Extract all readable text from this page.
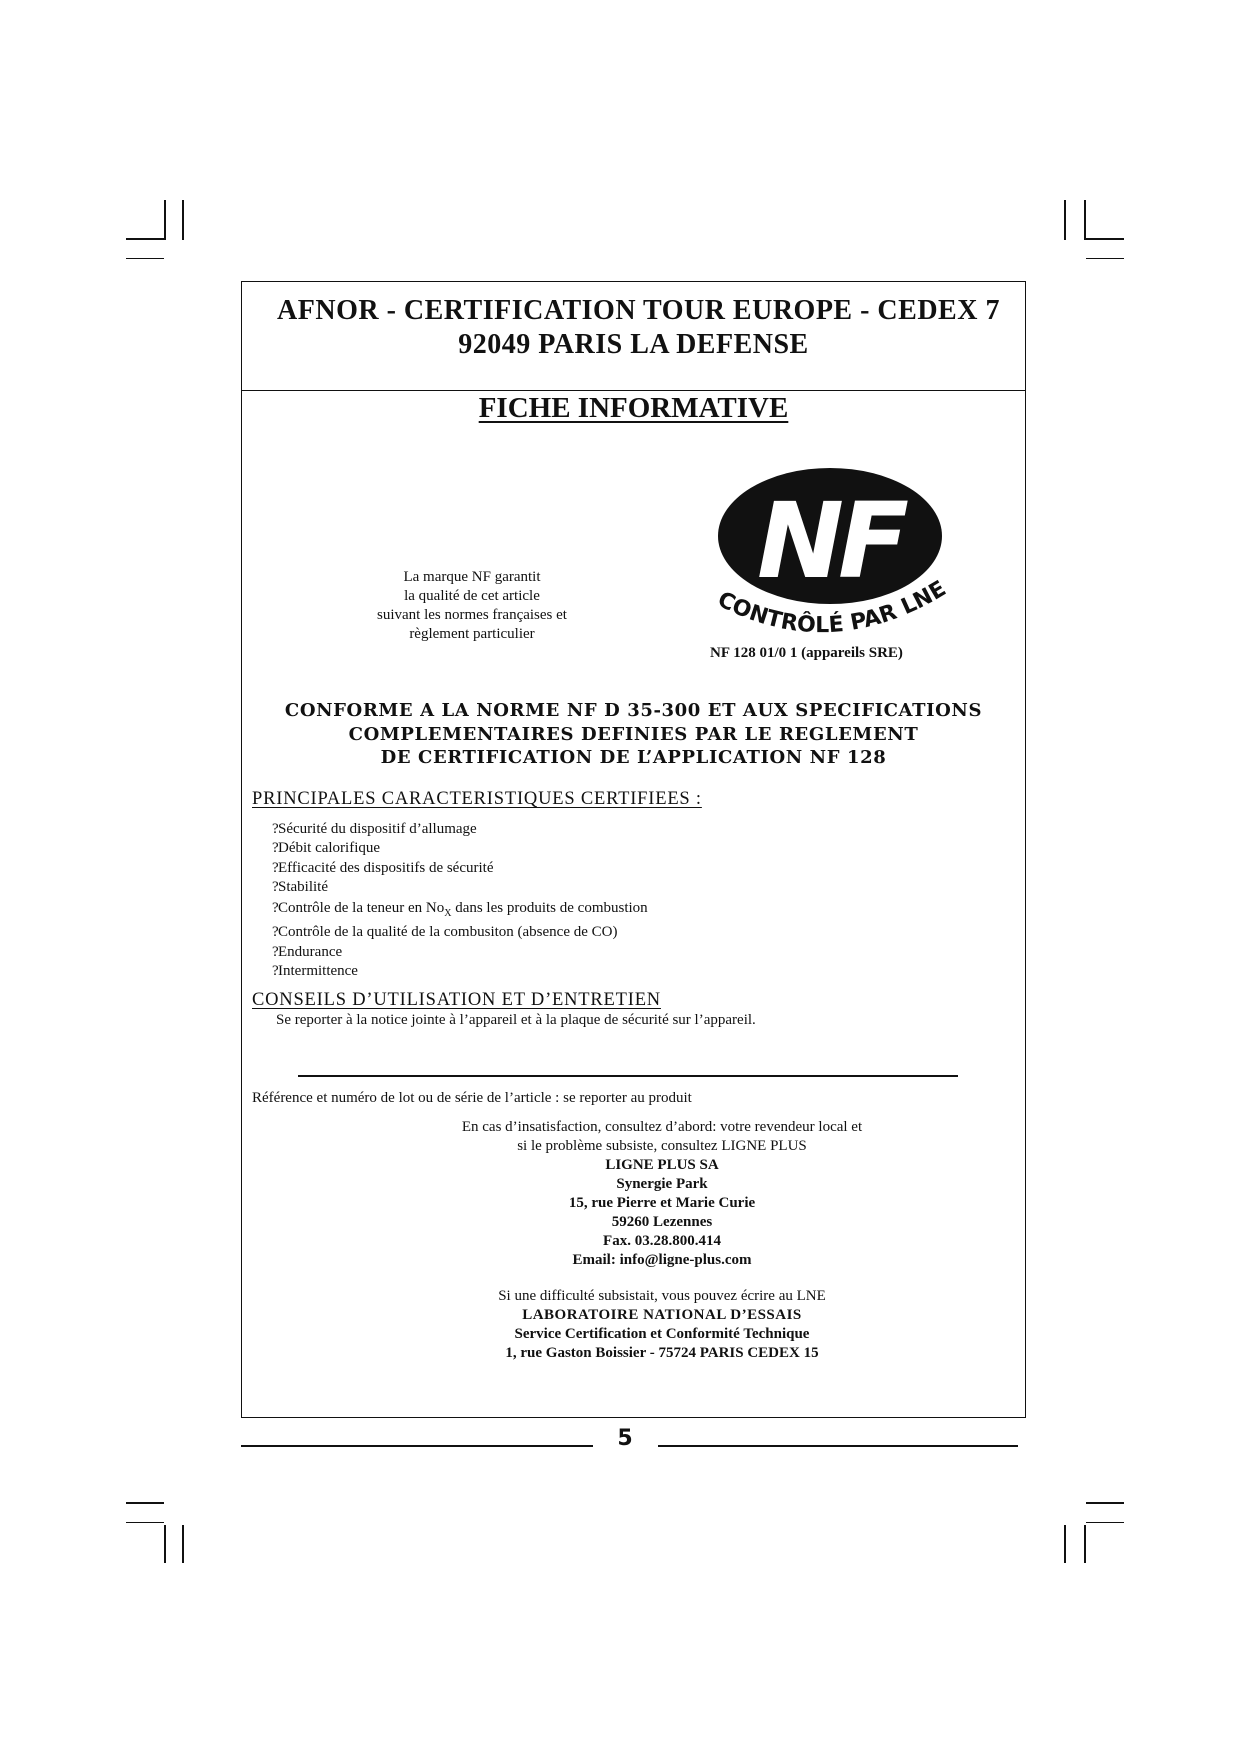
AFNOR - CERTIFICATION TOUR EUROPE - CEDEX 7
92049 PARIS LA DEFENSE
FICHE INFORMATIVE
NF
CONTRÔLÉ PAR LNE
La marque NF garantit
la qualité de cet article
suivant les normes françaises et
règlement particulier
NF 128 01/0 1 (appareils SRE)
CONFORME A LA NORME NF D 35-300 ET AUX SPECIFICATIONS
COMPLEMENTAIRES DEFINIES PAR LE REGLEMENT
DE CERTIFICATION DE L’APPLICATION NF 128
PRINCIPALES CARACTERISTIQUES CERTIFIEES :
?Sécurité du dispositif d’allumage
?Débit calorifique
?Efficacité des dispositifs de sécurité
?Stabilité
?Contrôle de la teneur en $No_X$ dans les produits de combustion
?Contrôle de la qualité de la combusiton (absence de CO)
?Endurance
?Intermittence
CONSEILS D’UTILISATION ET D’ENTRETIEN
Se reporter à la notice jointe à l’appareil et à la plaque de sécurité sur l’appareil.
Référence et numéro de lot ou de série de l’article : se reporter au produit
En cas d’insatisfaction, consultez d’abord: votre revendeur local et
si le problème subsiste, consultez LIGNE PLUS
LIGNE PLUS SA
Synergie Park
15, rue Pierre et Marie Curie
59260 Lezennes
Fax. 03.28.800.414
Email: info@ligne-plus.com
Si une difficulté subsistait, vous pouvez écrire au LNE
LABORATOIRE NATIONAL D’ESSAIS
Service Certification et Conformité Technique
1, rue Gaston Boissier - 75724 PARIS CEDEX 15
5
